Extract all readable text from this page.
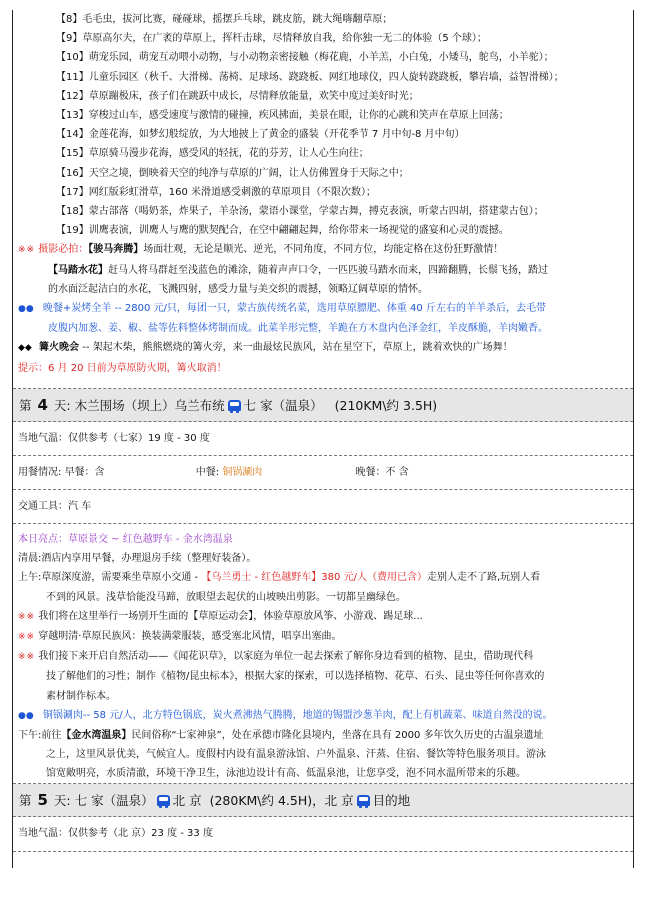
【8】毛毛虫，拔河比赛，碰碰球，摇摆乒乓球，跳皮筋，跳大绳嗨翻草原；
【9】草原高尔夫，在广袤的草原上，挥杆击球，尽情释放自我，给你独一无二的体验（5 个球）；
【10】萌宠乐园，萌宠互动喂小动物，与小动物亲密接触（梅花鹿，小羊羔，小白兔，小矮马，鸵鸟，小羊驼）；
【11】儿童乐园区（秋千、大滑梯、荡椅、足球场、跷跷板、网红地球仪，四人旋转跷跷板，攀岩墙，益智滑梯）；
【12】草原蹦极床，孩子们在跳跃中成长，尽情释放能量，欢笑中度过美好时光；
【13】穿梭过山车，感受速度与激情的碰撞，疾风拂面，美景在眼，让你的心跳和笑声在草原上回荡；
【14】金莲花海，如梦幻般绽放，为大地披上了黄金的盛装（开花季节 7 月中旬-8 月中旬）
【15】草原骑马漫步花海，感受风的轻抚，花的芬芳，让人心生向往；
【16】天空之境，倒映着天空的纯净与草原的广阔，让人仿佛置身于天际之中；
【17】网红版彩虹滑草，160 米滑道感受刺激的草原项目（不限次数）；
【18】蒙古部落（喝奶茶，炸果子，羊杂汤，蒙语小课堂，学蒙古舞，搏克表演，听蒙古四胡，搭建蒙古包）；
【19】训鹰表演，训鹰人与鹰的默契配合，在空中翩翩起舞，给你带来一场视觉的盛宴和心灵的震撼。
※※ 摄影必拍：【骏马奔腾】场面壮观，无论是顺光、逆光，不同角度，不同方位，均能定格在这份狂野激情！
【马踏水花】赶马人将马群赶至浅蓝色的滩涂，随着声声口令，一匹匹骏马踏水而来，四蹄翻腾，长鬃飞扬，踏过
的水面泛起洁白的水花，飞溅四射，感受力量与美交织的震撼，领略辽阔草原的情怀。
●● 晚餐+炭烤全羊 -- 2800 元/只，每团一只，蒙古族传统名菜，选用草原膘肥、体重 40 斤左右的羊羊杀后，去毛带
皮腹内加葱、姜、椒、盐等佐料整体烤制而成。此菜羊形完整，羊跪在方木盘内色泽金红，羊皮酥脆，羊肉嫩香。
◆◆ 篝火晚会 -- 架起木柴，熊熊燃烧的篝火旁，来一曲最炫民族风，站在星空下，草原上，跳着欢快的广场舞！
提示：6 月 20 日前为草原防火期，篝火取消！
第 4 天: 木兰围场（坝上）乌兰布统 七 家（温泉） (210KM\约 3.5H)
当地气温：仅供参考（七家）19 度 - 30 度
用餐情况: 早餐：含	中餐: 铜锅涮肉	晚餐：不 含
交通工具：汽 车
本日亮点：草原景交 ~ 红色越野车 - 金水湾温泉
清晨:酒店内享用早餐，办理退房手续（整理好装备）。
上午:草原深度游，需要乘坐草原小交通 - 【乌兰勇士 - 红色越野车】380 元/人（费用已含）走别人走不了路,玩别人看
不到的风景。浅草恰能没马蹄，放眼望去起伏的山坡映出剪影。一切都呈幽绿色。
※※ 我们将在这里举行一场别开生面的【草原运动会】，体验草原放风筝、小游戏、踢足球...
※※ 穿越明清·草原民族风：换装满蒙服装，感受塞北风情，唱享出塞曲。
※※ 我们接下来开启自然活动——《闻花识草》，以家庭为单位一起去探索了解你身边看到的植物、昆虫，借助现代科
技了解他们的习性；制作《植物/昆虫标本》，根据大家的探索，可以选择植物、花草、石头、昆虫等任何你喜欢的
素材制作标本。
●● 铜锅涮肉-- 58 元/人，北方特色锅底，炭火煮沸热气腾腾，地道的锡盟沙葱羊肉，配上有机蔬菜、味道自然没的说。
下午:前往【金水湾温泉】民间俗称“七家神泉”，处在承德市隆化县境内，坐落在具有 2000 多年饮久历史的古温泉遗址
之上，这里风景优美，气候宜人。度假村内设有温泉游泳馆、户外温泉、汗蒸、住宿、餐饮等特色服务项目。游泳
馆宽敞明亮，水质清澈，环境干净卫生，泳池边设计有高、低温泉池，让您享受，泡不同水温所带来的乐趣。
第 5 天: 七 家（温泉） 北 京 (280KM\约 4.5H)，北 京 目的地
当地气温：仅供参考（北 京）23 度 - 33 度
